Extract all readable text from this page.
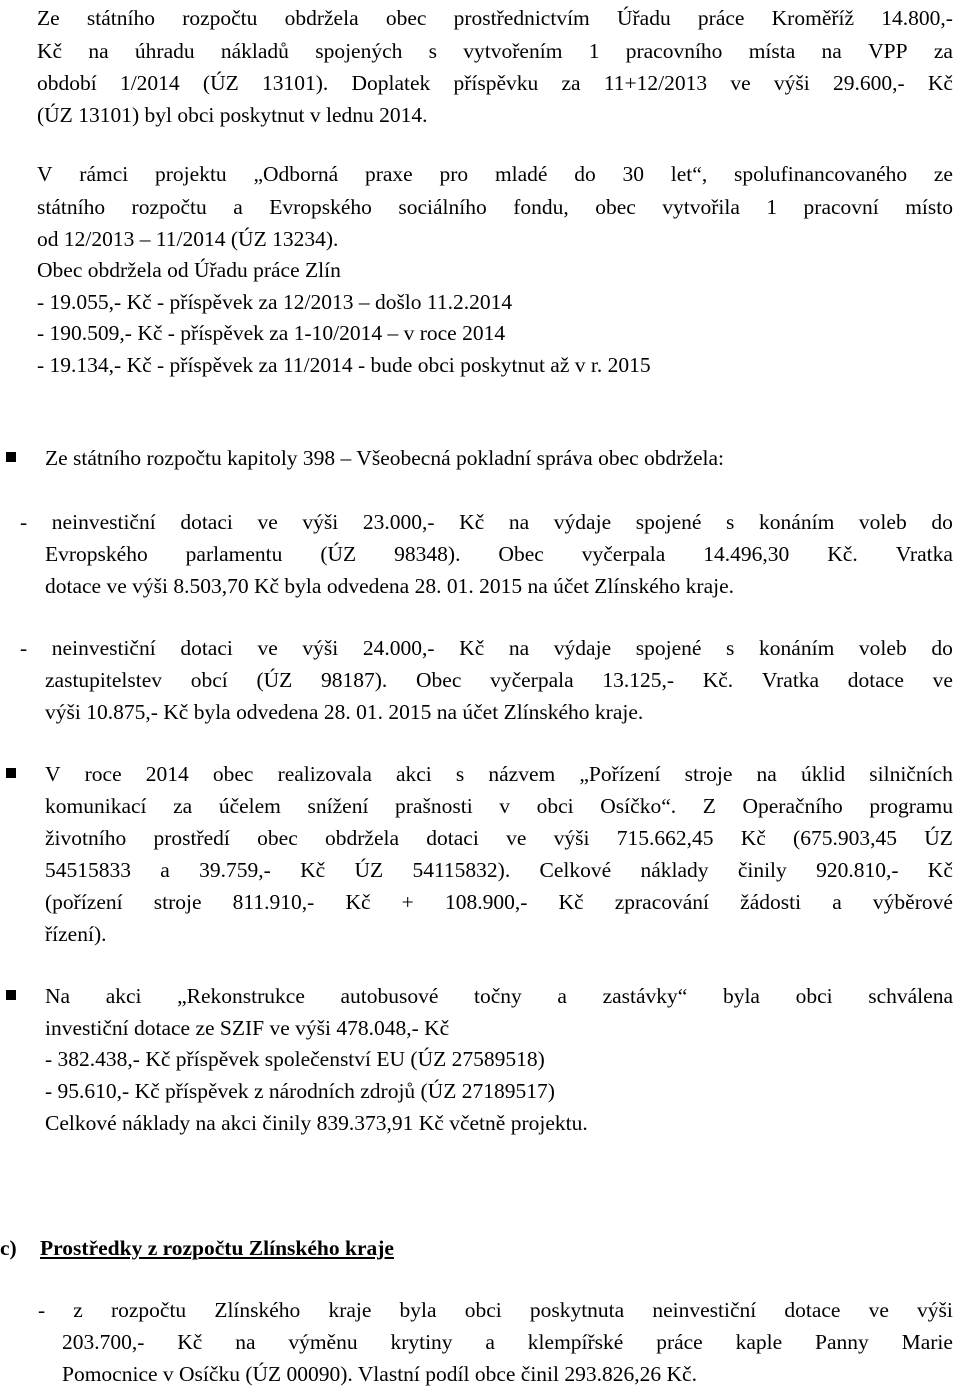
Ze státního rozpočtu obdržela obec prostřednictvím Úřadu práce Kroměříž 14.800,-
Kč na úhradu nákladů spojených s vytvořením 1 pracovního místa na VPP za
období 1/2014 (ÚZ 13101). Doplatek příspěvku za 11+12/2013 ve výši 29.600,- Kč
(ÚZ 13101) byl obci poskytnut v lednu 2014.
V rámci projektu „Odborná praxe pro mladé do 30 let“, spolufinancovaného ze
státního rozpočtu a Evropského sociálního fondu, obec vytvořila 1 pracovní místo
od 12/2013 – 11/2014 (ÚZ 13234).
Obec obdržela od Úřadu práce Zlín
- 19.055,- Kč - příspěvek za 12/2013 – došlo 11.2.2014
- 190.509,- Kč - příspěvek za 1-10/2014 – v roce 2014
- 19.134,- Kč - příspěvek za 11/2014 - bude obci poskytnut až v r. 2015
Ze státního rozpočtu kapitoly 398 – Všeobecná pokladní správa obec obdržela:
- neinvestiční dotaci ve výši 23.000,- Kč na výdaje spojené s konáním voleb do
Evropského parlamentu (ÚZ 98348). Obec vyčerpala 14.496,30 Kč. Vratka
dotace ve výši 8.503,70 Kč byla odvedena 28. 01. 2015 na účet Zlínského kraje.
- neinvestiční dotaci ve výši 24.000,- Kč na výdaje spojené s konáním voleb do
zastupitelstev obcí (ÚZ 98187). Obec vyčerpala 13.125,- Kč. Vratka dotace ve
výši 10.875,- Kč byla odvedena 28. 01. 2015 na účet Zlínského kraje.
V roce 2014 obec realizovala akci s názvem „Pořízení stroje na úklid silničních
komunikací za účelem snížení prašnosti v obci Osíčko“. Z Operačního programu
životního prostředí obec obdržela dotaci ve výši 715.662,45 Kč (675.903,45 ÚZ
54515833 a 39.759,- Kč ÚZ 54115832). Celkové náklady činily 920.810,- Kč
(pořízení stroje 811.910,- Kč + 108.900,- Kč zpracování žádosti a výběrové
řízení).
Na akci „Rekonstrukce autobusové točny a zastávky“ byla obci schválena
investiční dotace ze SZIF ve výši 478.048,- Kč
- 382.438,- Kč příspěvek společenství EU (ÚZ 27589518)
- 95.610,- Kč příspěvek z národních zdrojů (ÚZ 27189517)
Celkové náklady na akci činily 839.373,91 Kč včetně projektu.
c) Prostředky z rozpočtu Zlínského kraje
- z rozpočtu Zlínského kraje byla obci poskytnuta neinvestiční dotace ve výši
203.700,- Kč na výměnu krytiny a klempířské práce kaple Panny Marie
Pomocnice v Osíčku (ÚZ 00090). Vlastní podíl obce činil 293.826,26 Kč.
